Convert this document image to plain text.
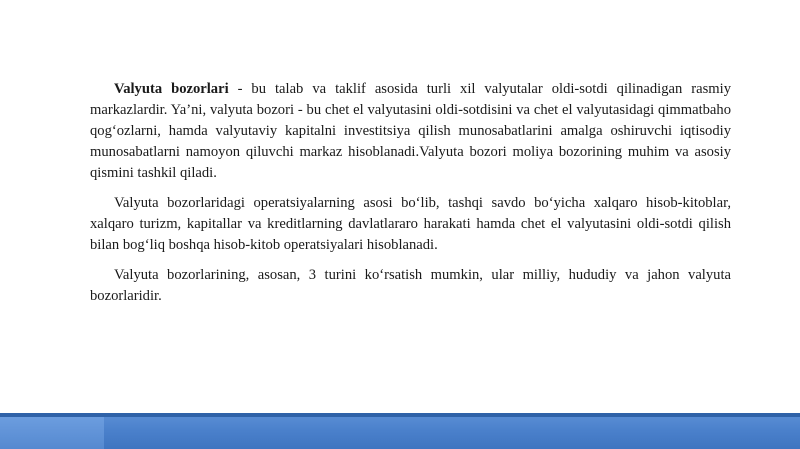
Valyuta bozorlari - bu talab va taklif asosida turli xil valyutalar oldi-sotdi qilinadigan rasmiy markazlardir. Ya’ni, valyuta bozori - bu chet el valyutasini oldi-sotdisini va chet el valyutasidagi qimmatbaho qog‘ozlarni, hamda valyutaviy kapitalni investitsiya qilish munosabatlarini amalga oshiruvchi iqtisodiy munosabatlarni namoyon qiluvchi markaz hisoblanadi.Valyuta bozori moliya bozorining muhim va asosiy qismini tashkil qiladi.

Valyuta bozorlaridagi operatsiyalarning asosi bo‘lib, tashqi savdo bo‘yicha xalqaro hisob-kitoblar, xalqaro turizm, kapitallar va kreditlarning davlatlararo harakati hamda chet el valyutasini oldi-sotdi qilish bilan bog‘liq boshqa hisob-kitob operatsiyalari hisoblanadi.

Valyuta bozorlarining, asosan, 3 turini ko‘rsatish mumkin, ular milliy, hududiy va jahon valyuta bozorlaridir.
